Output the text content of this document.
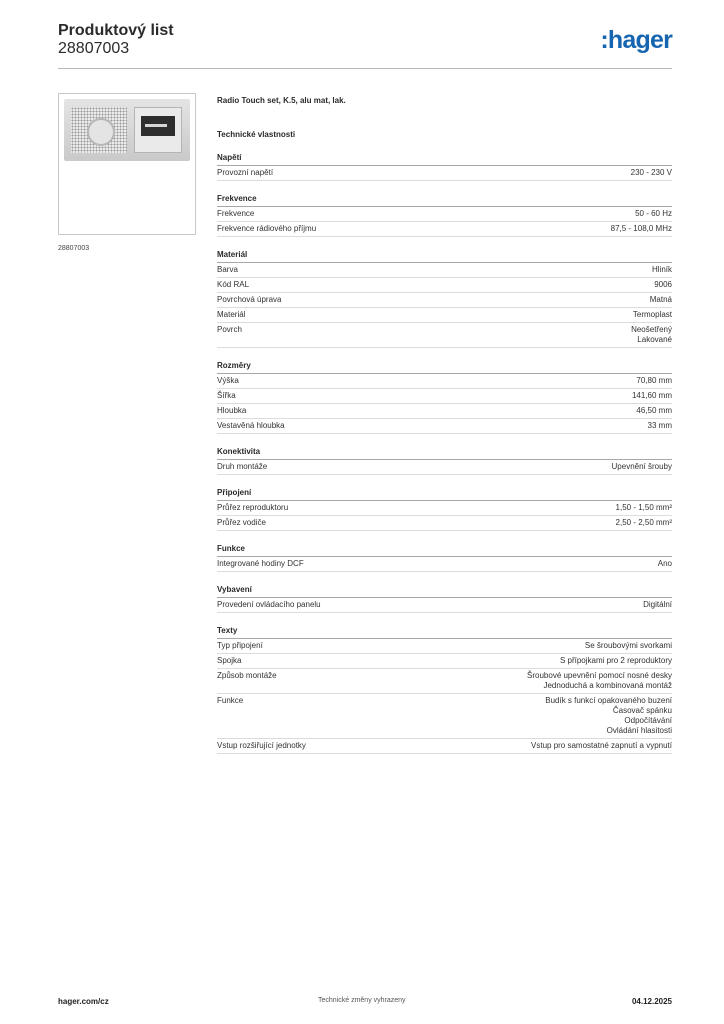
Produktový list
28807003	:hager
28807003
Radio Touch set, K.5, alu mat, lak.
Technické vlastnosti
Napětí
Provozní napětí	230 - 230 V
Frekvence
Frekvence	50 - 60 Hz
Frekvence rádiového příjmu	87,5 - 108,0 MHz
Materiál
Barva	Hliník
Kód RAL	9006
Povrchová úprava	Matná
Materiál	Termoplast
Povrch	Neošetřený
Lakované
Rozměry
Výška	70,80 mm
Šířka	141,60 mm
Hloubka	46,50 mm
Vestavěná hloubka	33 mm
Konektivita
Druh montáže	Upevnění šrouby
Připojení
Průřez reproduktoru	1,50 - 1,50 mm²
Průřez vodiče	2,50 - 2,50 mm²
Funkce
Integrované hodiny DCF	Ano
Vybavení
Provedení ovládacího panelu	Digitální
Texty
Typ připojení	Se šroubovými svorkami
Spojka	S přípojkami pro 2 reproduktory
Způsob montáže	Šroubové upevnění pomocí nosné desky
Jednoduchá a kombinovaná montáž
Funkce	Budík s funkcí opakovaného buzení
Časovač spánku
Odpočítávání
Ovládání hlasitosti
Vstup rozšiřující jednotky	Vstup pro samostatné zapnutí a vypnutí
hager.com/cz	Technické změny vyhrazeny	04.12.2025
